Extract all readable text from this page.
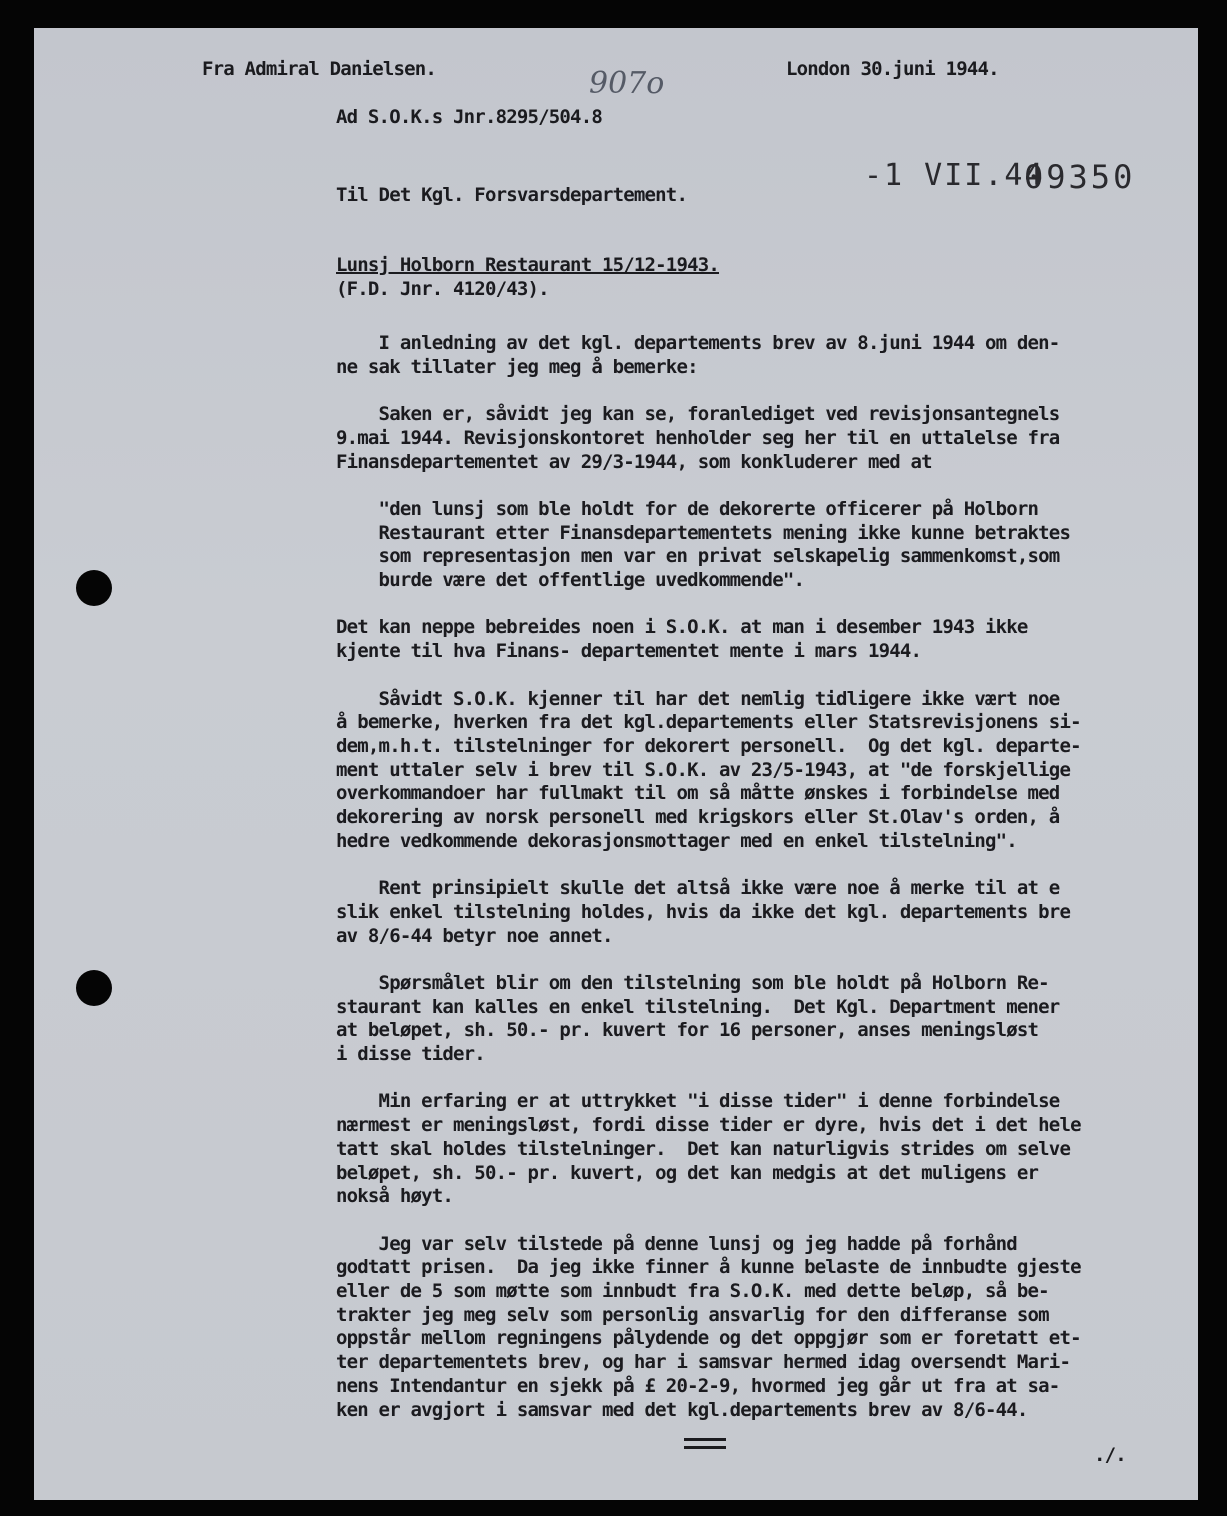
Fra Admiral Danielsen.	London 30.juni 1944.
907o
Ad S.O.K.s Jnr.8295/504.8
-1 VII.44
09350
Til Det Kgl. Forsvarsdepartement.
Lunsj Holborn Restaurant 15/12-1943.
(F.D. Jnr. 4120/43).
I anledning av det kgl. departements brev av 8.juni 1944 om den-
ne sak tillater jeg meg å bemerke:
Saken er, såvidt jeg kan se, foranlediget ved revisjonsantegnels
9.mai 1944. Revisjonskontoret henholder seg her til en uttalelse fra
Finansdepartementet av 29/3-1944, som konkluderer med at
"den lunsj som ble holdt for de dekorerte officerer på Holborn
Restaurant etter Finansdepartementets mening ikke kunne betraktes
som representasjon men var en privat selskapelig sammenkomst,som
burde være det offentlige uvedkommende".
Det kan neppe bebreides noen i S.O.K. at man i desember 1943 ikke
kjente til hva Finans- departementet mente i mars 1944.
Såvidt S.O.K. kjenner til har det nemlig tidligere ikke vært noe
å bemerke, hverken fra det kgl.departements eller Statsrevisjonens si-
dem,m.h.t. tilstelninger for dekorert personell.  Og det kgl. departe-
ment uttaler selv i brev til S.O.K. av 23/5-1943, at "de forskjellige
overkommandoer har fullmakt til om så måtte ønskes i forbindelse med
dekorering av norsk personell med krigskors eller St.Olav's orden, å
hedre vedkommende dekorasjonsmottager med en enkel tilstelning".
Rent prinsipielt skulle det altså ikke være noe å merke til at e
slik enkel tilstelning holdes, hvis da ikke det kgl. departements bre
av 8/6-44 betyr noe annet.
Spørsmålet blir om den tilstelning som ble holdt på Holborn Re-
staurant kan kalles en enkel tilstelning.  Det Kgl. Department mener
at beløpet, sh. 50.- pr. kuvert for 16 personer, anses meningsløst
i disse tider.
Min erfaring er at uttrykket "i disse tider" i denne forbindelse
nærmest er meningsløst, fordi disse tider er dyre, hvis det i det hele
tatt skal holdes tilstelninger.  Det kan naturligvis strides om selve
beløpet, sh. 50.- pr. kuvert, og det kan medgis at det muligens er
nokså høyt.
Jeg var selv tilstede på denne lunsj og jeg hadde på forhånd
godtatt prisen.  Da jeg ikke finner å kunne belaste de innbudte gjeste
eller de 5 som møtte som innbudt fra S.O.K. med dette beløp, så be-
trakter jeg meg selv som personlig ansvarlig for den differanse som
oppstår mellom regningens pålydende og det oppgjør som er foretatt et-
ter departementets brev, og har i samsvar hermed idag oversendt Mari-
nens Intendantur en sjekk på £ 20-2-9, hvormed jeg går ut fra at sa-
ken er avgjort i samsvar med det kgl.departements brev av 8/6-44.
./.
